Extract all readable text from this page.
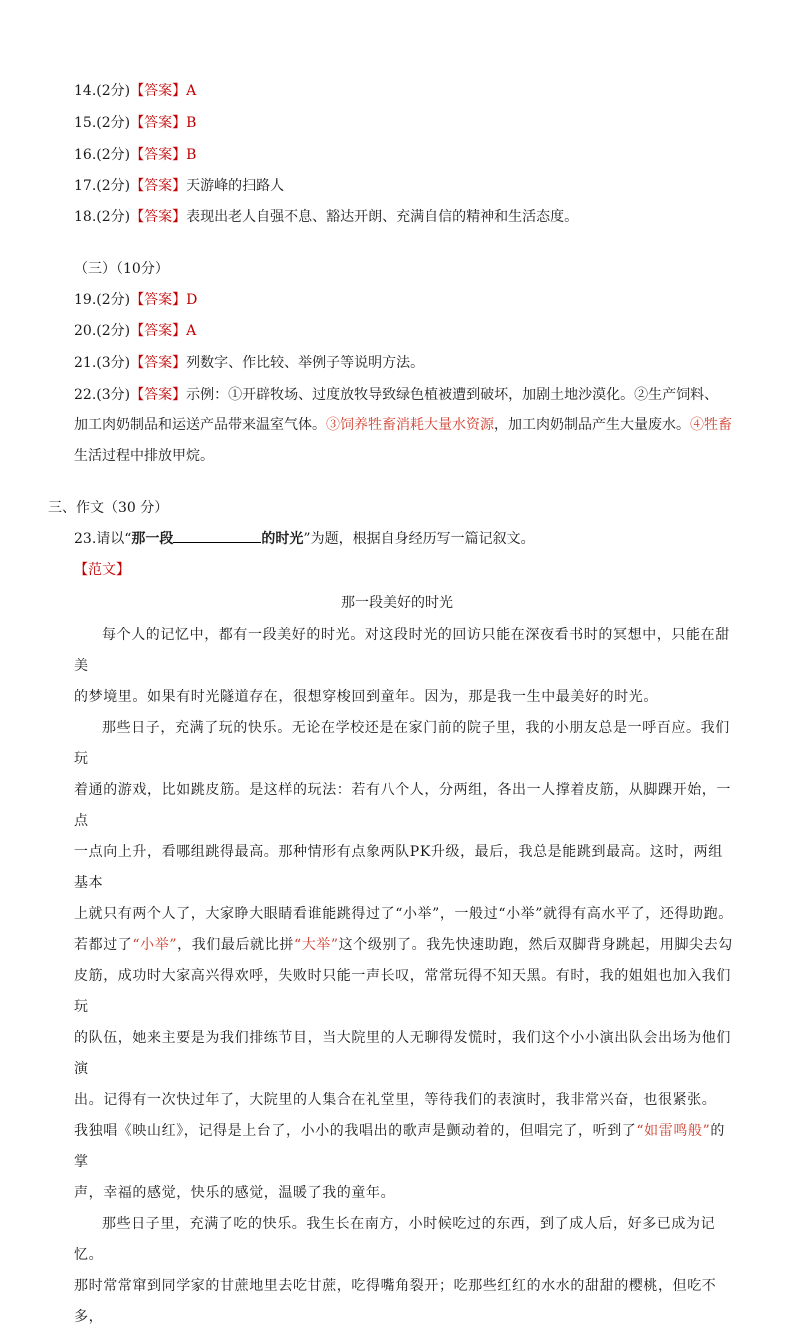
14.(2分)【答案】A
15.(2分)【答案】B
16.(2分)【答案】B
17.(2分)【答案】天游峰的扫路人
18.(2分)【答案】表现出老人自强不息、豁达开朗、充满自信的精神和生活态度。
（三）（10分）
19.(2分)【答案】D
20.(2分)【答案】A
21.(3分)【答案】列数字、作比较、举例子等说明方法。
22.(3分)【答案】示例：①开辟牧场、过度放牧导致绿色植被遭到破坏，加剧土地沙漠化。②生产饲料、
加工肉奶制品和运送产品带来温室气体。③饲养牲畜消耗大量水资源，加工肉奶制品产生大量废水。④牲畜
生活过程中排放甲烷。
三、作文（30 分）
23.请以“那一段	的时光”为题，根据自身经历写一篇记叙文。
【范文】
那一段美好的时光

每个人的记忆中，都有一段美好的时光。对这段时光的回访只能在深夜看书时的冥想中，只能在甜美

的梦境里。如果有时光隧道存在，很想穿梭回到童年。因为，那是我一生中最美好的时光。

那些日子，充满了玩的快乐。无论在学校还是在家门前的院子里，我的小朋友总是一呼百应。我们玩

着通的游戏，比如跳皮筋。是这样的玩法：若有八个人，分两组，各出一人撑着皮筋，从脚踝开始，一点

一点向上升，看哪组跳得最高。那种情形有点象两队PK升级，最后，我总是能跳到最高。这时，两组基本

上就只有两个人了，大家睁大眼睛看谁能跳得过了“小举”，一般过“小举”就得有高水平了，还得助跑。

若都过了“小举”，我们最后就比拼“大举”这个级别了。我先快速助跑，然后双脚背身跳起，用脚尖去勾

皮筋，成功时大家高兴得欢呼，失败时只能一声长叹，常常玩得不知天黑。有时，我的姐姐也加入我们玩

的队伍，她来主要是为我们排练节目，当大院里的人无聊得发慌时，我们这个小小演出队会出场为他们演

出。记得有一次快过年了，大院里的人集合在礼堂里，等待我们的表演时，我非常兴奋，也很紧张。

我独唱《映山红》，记得是上台了，小小的我唱出的歌声是颤动着的，但唱完了，听到了“如雷鸣般”的掌

声，幸福的感觉，快乐的感觉，温暖了我的童年。

那些日子里，充满了吃的快乐。我生长在南方，小时候吃过的东西，到了成人后，好多已成为记忆。

那时常常窜到同学家的甘蔗地里去吃甘蔗，吃得嘴角裂开；吃那些红红的水水的甜甜的樱桃，但吃不多，
